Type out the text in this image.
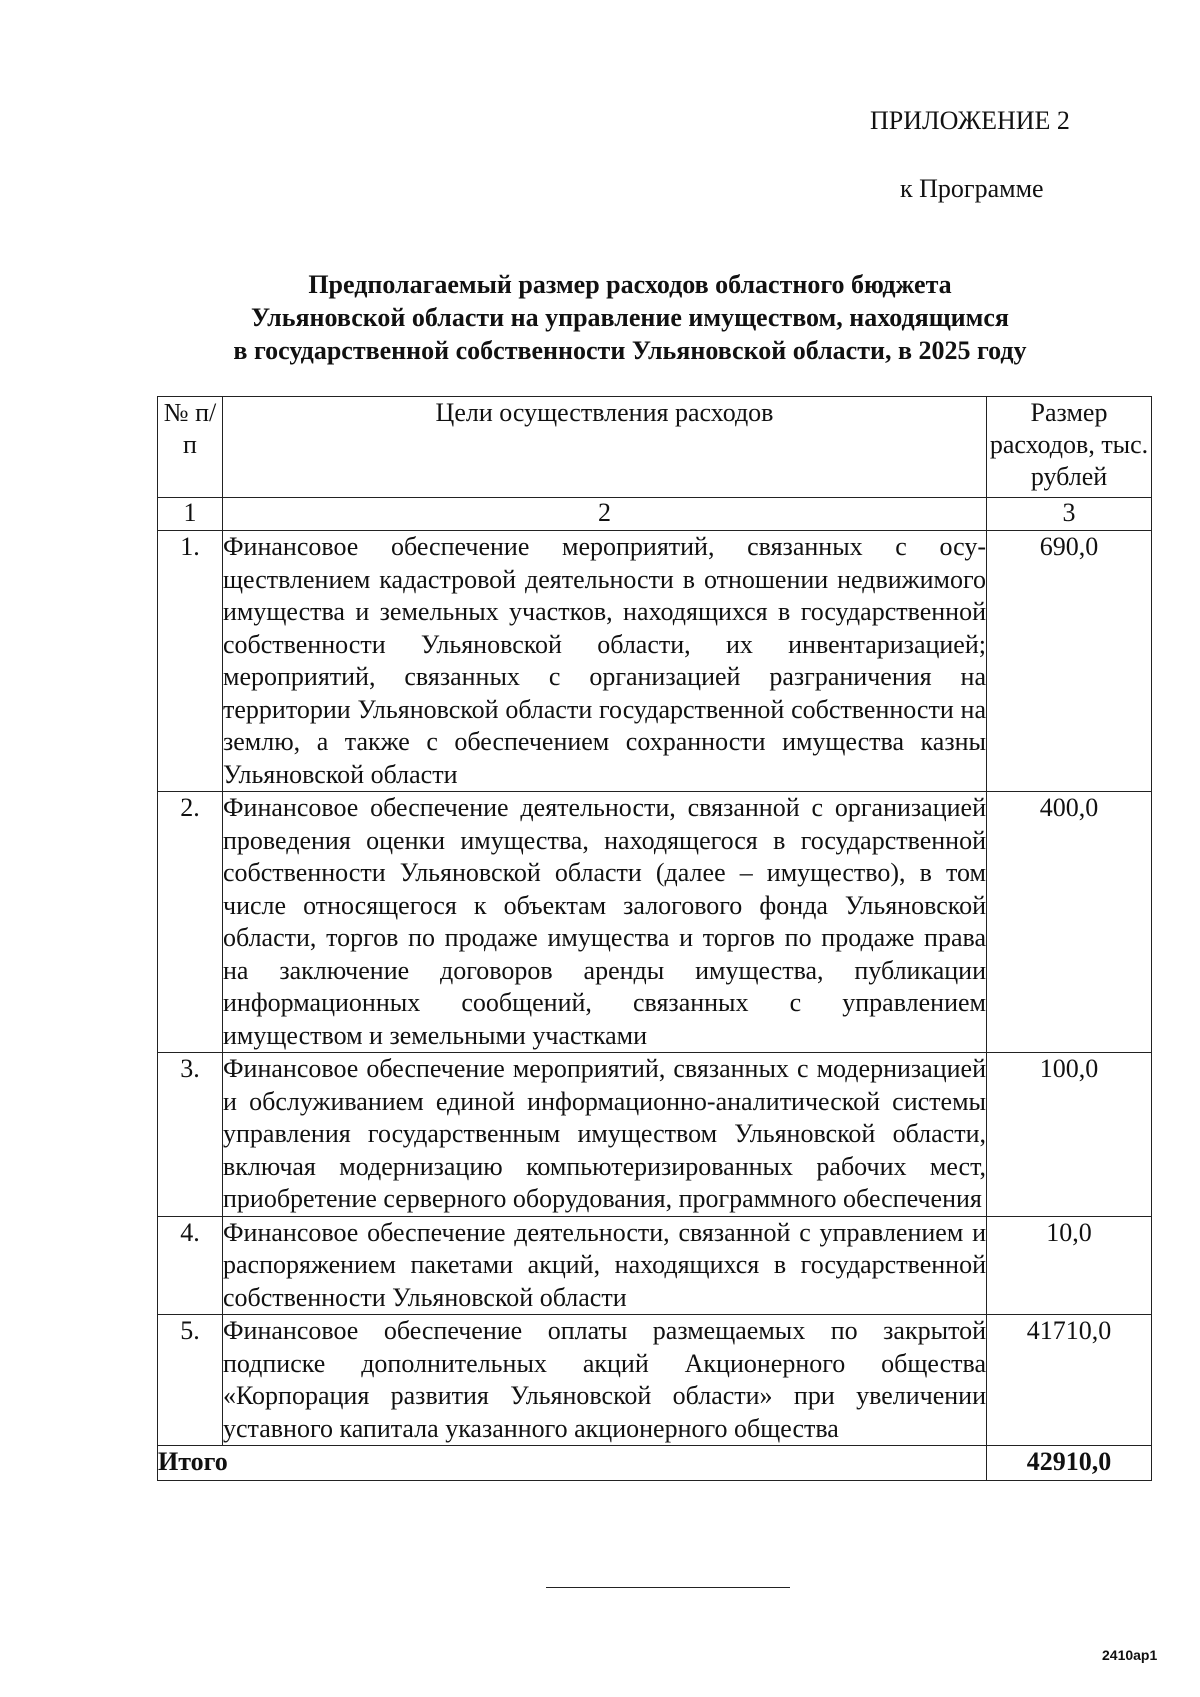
ПРИЛОЖЕНИЕ 2
к Программе
Предполагаемый размер расходов областного бюджета
Ульяновской области на управление имуществом, находящимся
в государственной собственности Ульяновской области, в 2025 году
№ п/п	Цели осуществления расходов	Размер расходов, тыс. рублей
1	2	3
1.	Финансовое обеспечение мероприятий, связанных с осуществлением кадастровой деятельности в отношении недвижимого имущества и земельных участков, находящихся в государственной собственности Ульяновской области, их инвентаризацией; мероприятий, связанных с организацией разграничения на территории Ульяновской области государственной собственности на землю, а также с обеспечением сохранности имущества казны Ульяновской области	690,0
2.	Финансовое обеспечение деятельности, связанной с организацией проведения оценки имущества, находящегося в государственной собственности Ульяновской области (далее – имущество), в том числе относящегося к объектам залогового фонда Ульяновской области, торгов по продаже имущества и торгов по продаже права на заключение договоров аренды имущества, публикации информационных сообщений, связанных с управлением имуществом и земельными участками	400,0
3.	Финансовое обеспечение мероприятий, связанных с модернизацией и обслуживанием единой информационно-аналитической системы управления государственным имуществом Ульяновской области, включая модернизацию компьютеризированных рабочих мест, приобретение серверного оборудования, программного обеспечения	100,0
4.	Финансовое обеспечение деятельности, связанной с управлением и распоряжением пакетами акций, находящихся в государственной собственности Ульяновской области	10,0
5.	Финансовое обеспечение оплаты размещаемых по закрытой подписке дополнительных акций Акционерного общества «Корпорация развития Ульяновской области» при увеличении уставного капитала указанного акционерного общества	41710,0
Итого		42910,0
2410ap1
